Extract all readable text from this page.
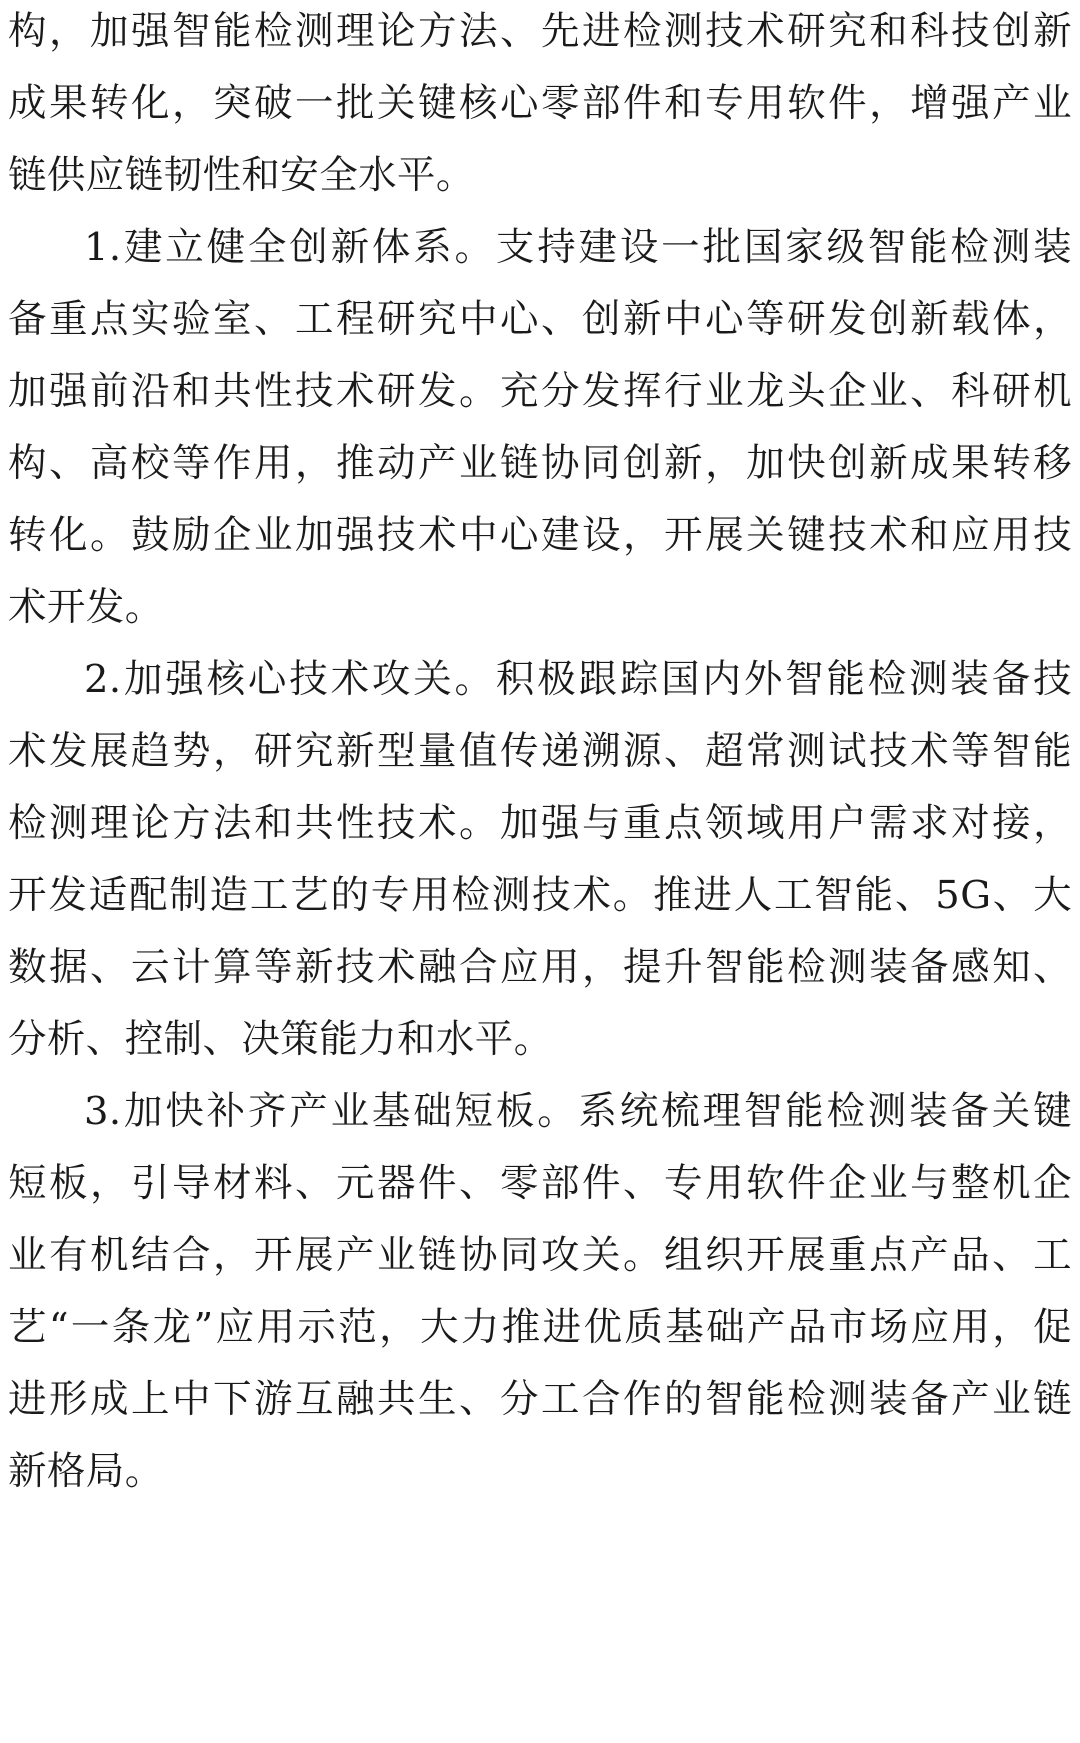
构，加强智能检测理论方法、先进检测技术研究和科技创新
成果转化，突破一批关键核心零部件和专用软件，增强产业
链供应链韧性和安全水平。
1.建立健全创新体系。支持建设一批国家级智能检测装
备重点实验室、工程研究中心、创新中心等研发创新载体，
加强前沿和共性技术研发。充分发挥行业龙头企业、科研机
构、高校等作用，推动产业链协同创新，加快创新成果转移
转化。鼓励企业加强技术中心建设，开展关键技术和应用技
术开发。
2.加强核心技术攻关。积极跟踪国内外智能检测装备技
术发展趋势，研究新型量值传递溯源、超常测试技术等智能
检测理论方法和共性技术。加强与重点领域用户需求对接，
开发适配制造工艺的专用检测技术。推进人工智能、5G、大
数据、云计算等新技术融合应用，提升智能检测装备感知、
分析、控制、决策能力和水平。
3.加快补齐产业基础短板。系统梳理智能检测装备关键
短板，引导材料、元器件、零部件、专用软件企业与整机企
业有机结合，开展产业链协同攻关。组织开展重点产品、工
艺“一条龙”应用示范，大力推进优质基础产品市场应用，促
进形成上中下游互融共生、分工合作的智能检测装备产业链
新格局。
